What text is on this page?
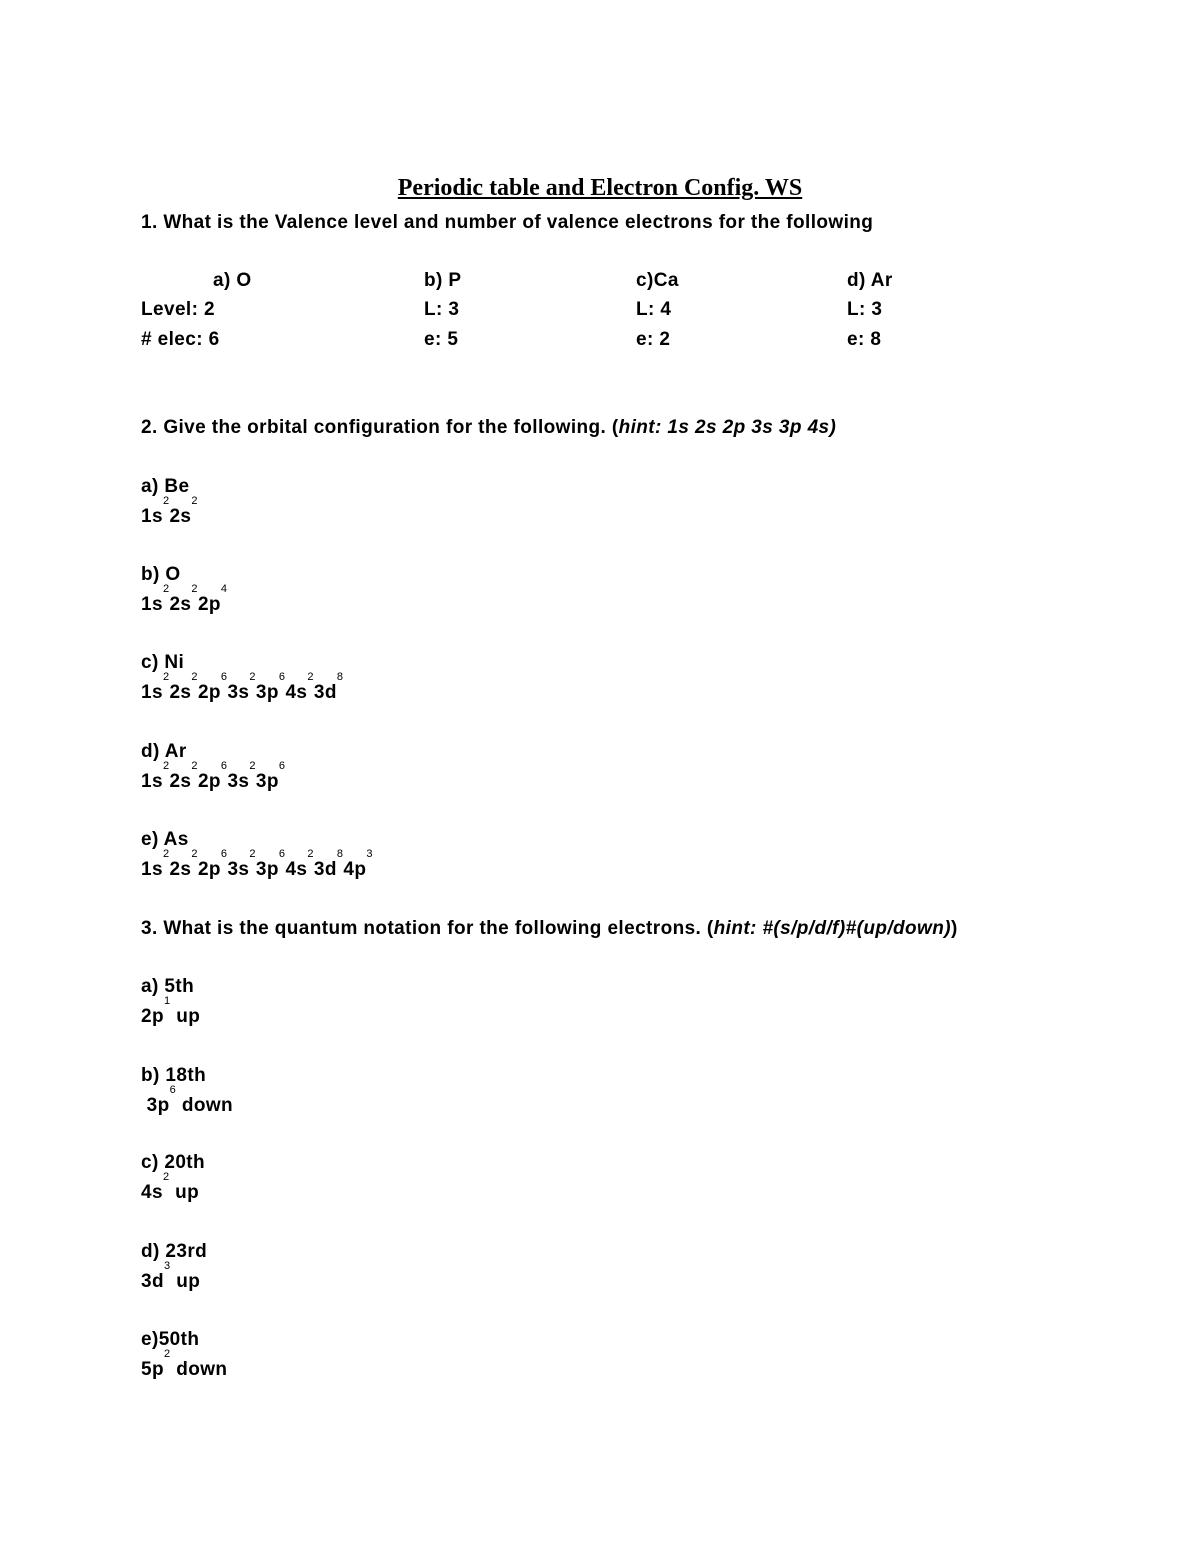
Periodic table and Electron Config. WS
1. What is the Valence level and number of valence electrons for the following
a) O	b) P	c)Ca	d) Ar
Level: 2	L: 3	L: 4	L: 3
# elec: 6	e: 5	e: 2	e: 8
2. Give the orbital configuration for the following. (hint: 1s 2s 2p 3s 3p 4s)
a) Be
$1s^22s^2$
b) O
$1s^22s^22p^4$
c) Ni
$1s^22s^22p^63s^23p^64s^23d^8$
d) Ar
$1s^22s^22p^63s^23p^6$
e) As
$1s^22s^22p^63s^23p^64s^23d^84p^3$
3. What is the quantum notation for the following electrons. (hint: #(s/p/d/f)#(up/down))
a) 5th
$2p^1$ up
b) 18th
$3p^6$ down
c) 20th
$4s^2$ up
d) 23rd
$3d^3$ up
e)50th
$5p^2$ down
